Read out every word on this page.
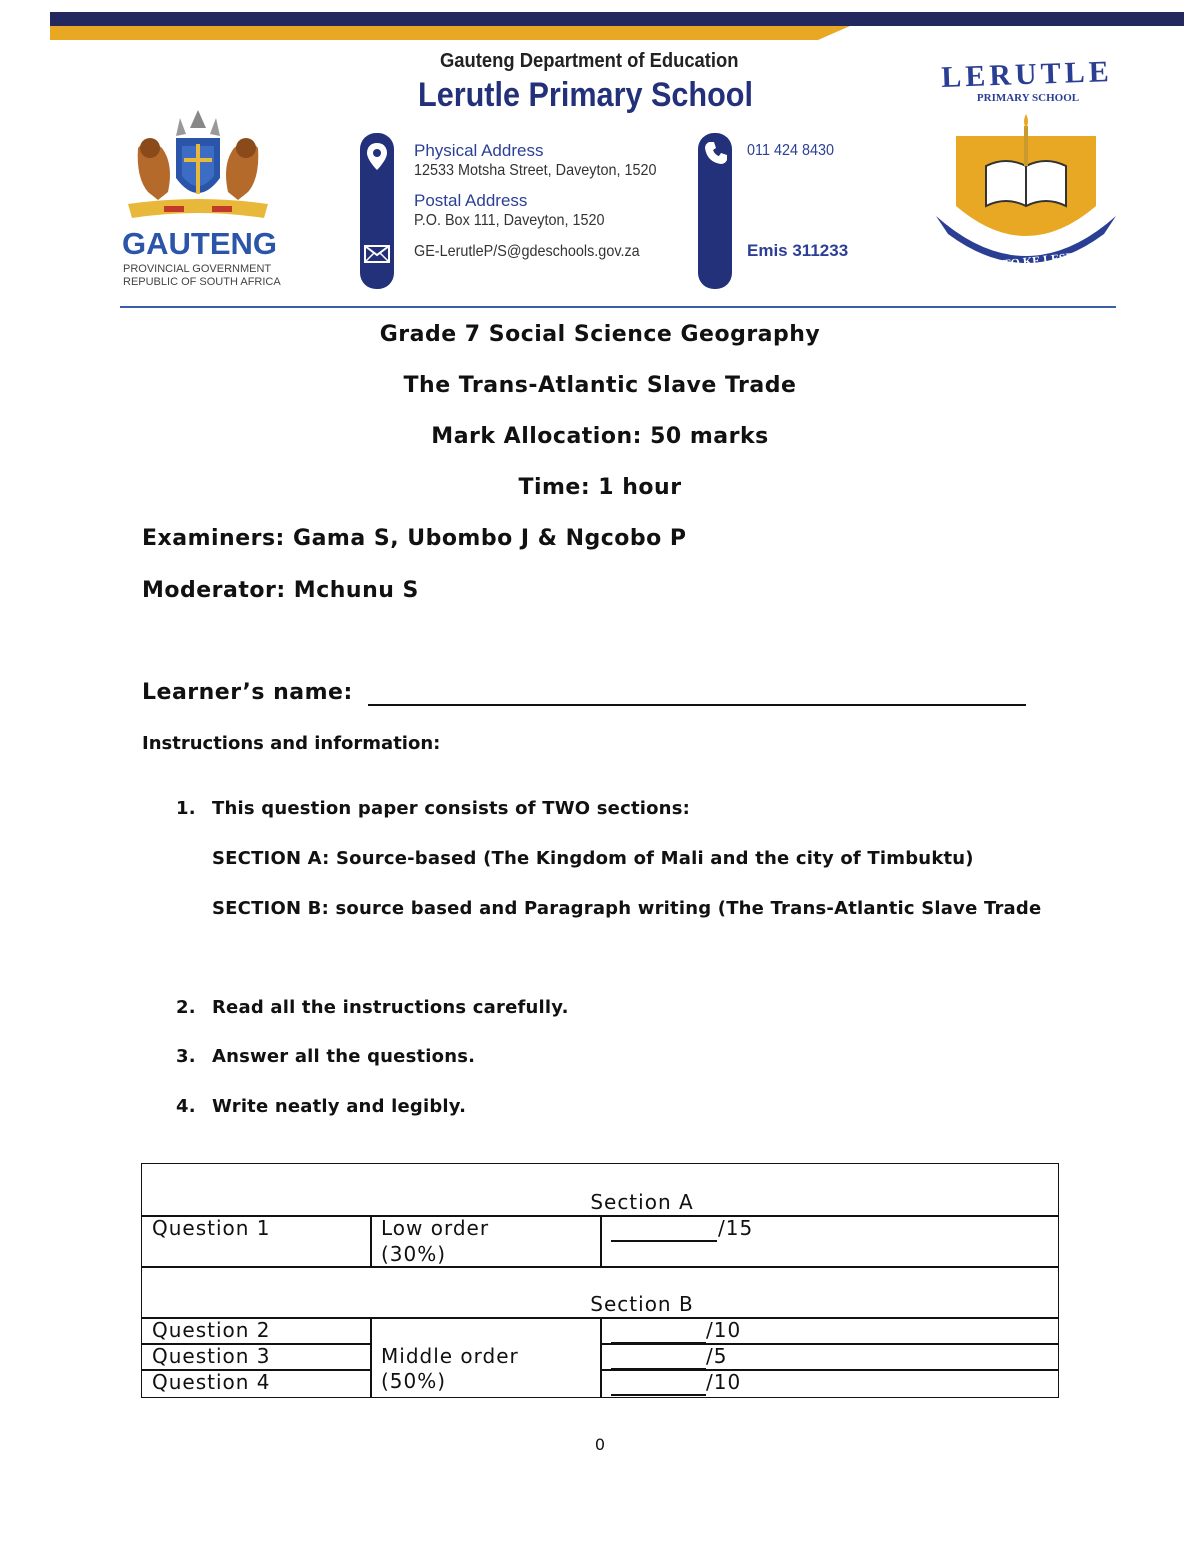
GAUTENG
PROVINCIAL GOVERNMENT
REPUBLIC OF SOUTH AFRICA
Gauteng Department of Education
Lerutle Primary School
Physical Address
12533 Motsha Street, Daveyton, 1520
Postal Address
P.O. Box 111, Daveyton, 1520
GE-LerutleP/S@gdeschools.gov.za
011 424 8430
Emis 311233
LERUTLE
PRIMARY SCHOOL
THUTO KE LESEDI
Grade 7 Social Science Geography
The Trans-Atlantic Slave Trade
Mark Allocation: 50 marks
Time: 1 hour
Examiners: Gama S, Ubombo J & Ngcobo P
Moderator: Mchunu S
Learner’s name:
Instructions and information:
1. This question paper consists of TWO sections:
SECTION A: Source-based (The Kingdom of Mali and the city of Timbuktu)
SECTION B: source based and Paragraph writing (The Trans-Atlantic Slave Trade
2. Read all the instructions carefully.
3. Answer all the questions.
4. Write neatly and legibly.
Section A
Question 1	Low order
(30%)
/15
Section B
Question 2
Question 3
Question 4
Middle order
(50%)
/10
/5
/10
0
